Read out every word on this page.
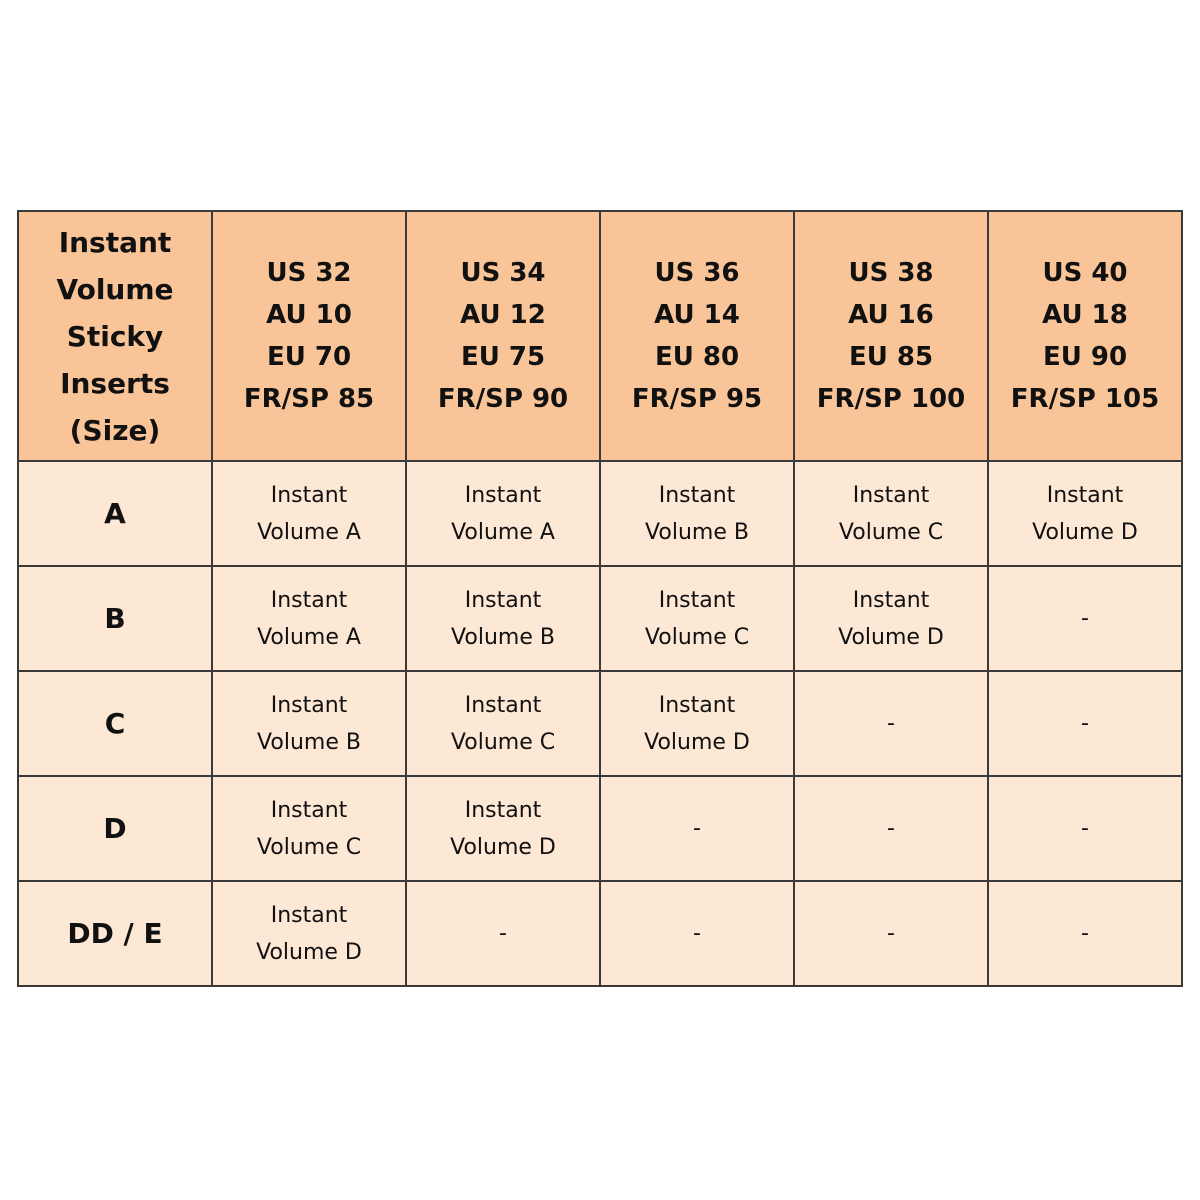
Instant
Volume
Sticky
Inserts
(Size)	US 32
AU 10
EU 70
FR/SP 85	US 34
AU 12
EU 75
FR/SP 90	US 36
AU 14
EU 80
FR/SP 95	US 38
AU 16
EU 85
FR/SP 100	US 40
AU 18
EU 90
FR/SP 105

A	Instant
Volume A	Instant
Volume A	Instant
Volume B	Instant
Volume C	Instant
Volume D

B	Instant
Volume A	Instant
Volume B	Instant
Volume C	Instant
Volume D	-

C	Instant
Volume B	Instant
Volume C	Instant
Volume D	-	-

D	Instant
Volume C	Instant
Volume D	-	-	-

DD / E	Instant
Volume D	-	-	-	-
